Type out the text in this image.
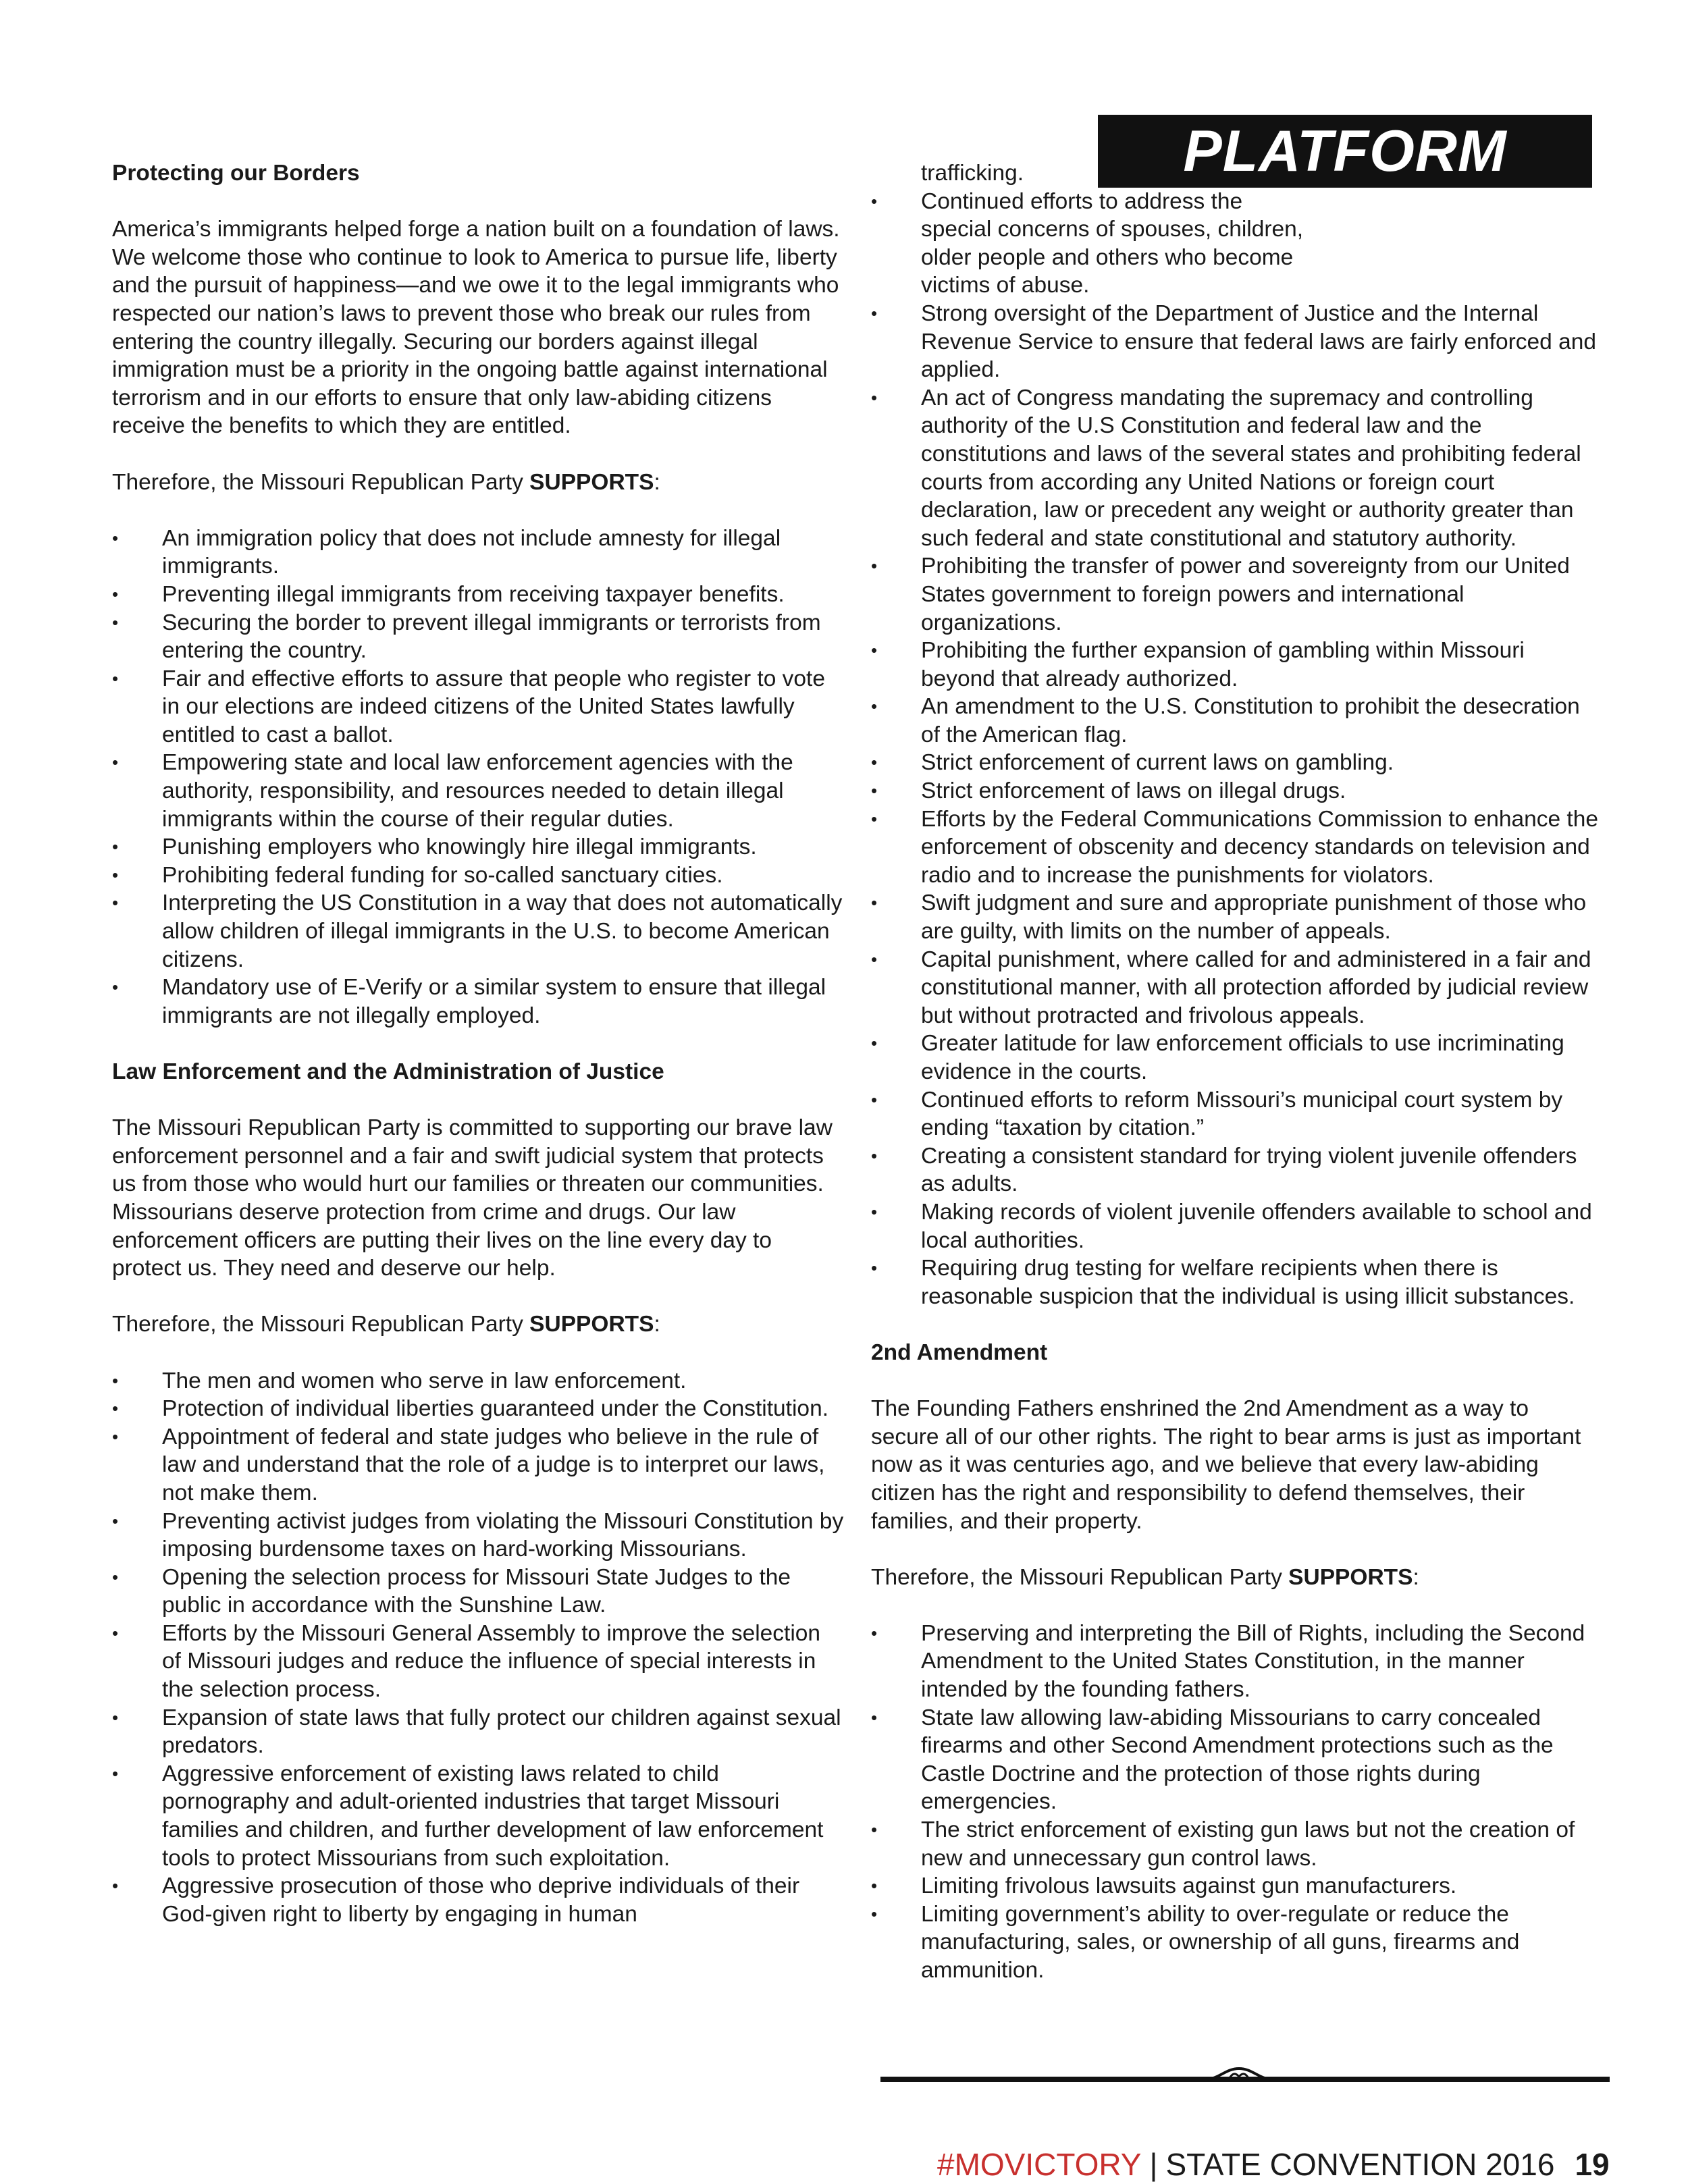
PLATFORM
Protecting our Borders

America’s immigrants helped forge a nation built on a foundation of laws. We welcome those who continue to look to America to pursue life, liberty and the pursuit of happiness—and we owe it to the legal immigrants who respected our nation’s laws to prevent those who break our rules from entering the country illegally. Securing our borders against illegal immigration must be a priority in the ongoing battle against international terrorism and in our efforts to ensure that only law-abiding citizens receive the benefits to which they are entitled.

Therefore, the Missouri Republican Party SUPPORTS:

• An immigration policy that does not include amnesty for illegal immigrants.
• Preventing illegal immigrants from receiving taxpayer benefits.
• Securing the border to prevent illegal immigrants or terrorists from entering the country.
• Fair and effective efforts to assure that people who register to vote in our elections are indeed citizens of the United States lawfully entitled to cast a ballot.
• Empowering state and local law enforcement agencies with the authority, responsibility, and resources needed to detain illegal immigrants within the course of their regular duties.
• Punishing employers who knowingly hire illegal immigrants.
• Prohibiting federal funding for so-called sanctuary cities.
• Interpreting the US Constitution in a way that does not automatically allow children of illegal immigrants in the U.S. to become American citizens.
• Mandatory use of E-Verify or a similar system to ensure that illegal immigrants are not illegally employed.
Law Enforcement and the Administration of Justice

The Missouri Republican Party is committed to supporting our brave law enforcement personnel and a fair and swift judicial system that protects us from those who would hurt our families or threaten our communities. Missourians deserve protection from crime and drugs. Our law enforcement officers are putting their lives on the line every day to protect us. They need and deserve our help.

Therefore, the Missouri Republican Party SUPPORTS:

• The men and women who serve in law enforcement.
• Protection of individual liberties guaranteed under the Constitution.
• Appointment of federal and state judges who believe in the rule of law and understand that the role of a judge is to interpret our laws, not make them.
• Preventing activist judges from violating the Missouri Constitution by imposing burdensome taxes on hard-working Missourians.
• Opening the selection process for Missouri State Judges to the public in accordance with the Sunshine Law.
• Efforts by the Missouri General Assembly to improve the selection of Missouri judges and reduce the influence of special interests in the selection process.
• Expansion of state laws that fully protect our children against sexual predators.
• Aggressive enforcement of existing laws related to child pornography and adult-oriented industries that target Missouri families and children, and further development of law enforcement tools to protect Missourians from such exploitation.
• Aggressive prosecution of those who deprive individuals of their God-given right to liberty by engaging in human
trafficking.
• Continued efforts to address the special concerns of spouses, children, older people and others who become victims of abuse.
• Strong oversight of the Department of Justice and the Internal Revenue Service to ensure that federal laws are fairly enforced and applied.
• An act of Congress mandating the supremacy and controlling authority of the U.S Constitution and federal law and the constitutions and laws of the several states and prohibiting federal courts from according any United Nations or foreign court declaration, law or precedent any weight or authority greater than such federal and state constitutional and statutory authority.
• Prohibiting the transfer of power and sovereignty from our United States government to foreign powers and international organizations.
• Prohibiting the further expansion of gambling within Missouri beyond that already authorized.
• An amendment to the U.S. Constitution to prohibit the desecration of the American flag.
• Strict enforcement of current laws on gambling.
• Strict enforcement of laws on illegal drugs.
• Efforts by the Federal Communications Commission to enhance the enforcement of obscenity and decency standards on television and radio and to increase the punishments for violators.
• Swift judgment and sure and appropriate punishment of those who are guilty, with limits on the number of appeals.
• Capital punishment, where called for and administered in a fair and constitutional manner, with all protection afforded by judicial review but without protracted and frivolous appeals.
• Greater latitude for law enforcement officials to use incriminating evidence in the courts.
• Continued efforts to reform Missouri’s municipal court system by ending “taxation by citation.”
• Creating a consistent standard for trying violent juvenile offenders as adults.
• Making records of violent juvenile offenders available to school and local authorities.
• Requiring drug testing for welfare recipients when there is reasonable suspicion that the individual is using illicit substances.
2nd Amendment

The Founding Fathers enshrined the 2nd Amendment as a way to secure all of our other rights. The right to bear arms is just as important now as it was centuries ago, and we believe that every law-abiding citizen has the right and responsibility to defend themselves, their families, and their property.

Therefore, the Missouri Republican Party SUPPORTS:

• Preserving and interpreting the Bill of Rights, including the Second Amendment to the United States Constitution, in the manner intended by the founding fathers.
• State law allowing law-abiding Missourians to carry concealed firearms and other Second Amendment protections such as the Castle Doctrine and the protection of those rights during emergencies.
• The strict enforcement of existing gun laws but not the creation of new and unnecessary gun control laws.
• Limiting frivolous lawsuits against gun manufacturers.
• Limiting government’s ability to over-regulate or reduce the manufacturing, sales, or ownership of all guns, firearms and ammunition.
#MOVICTORY | STATE CONVENTION 2016 19
